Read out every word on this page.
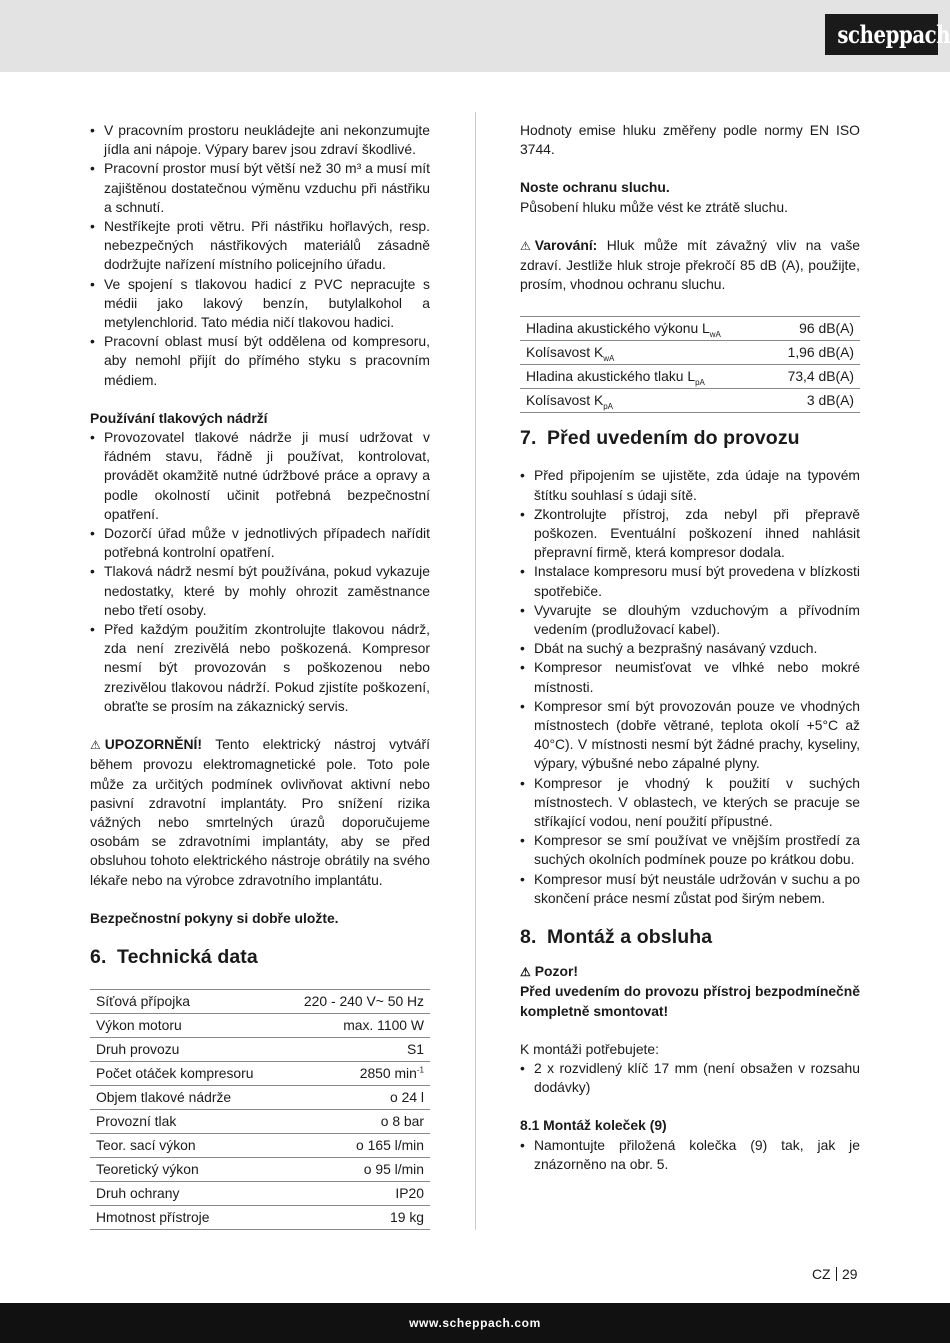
scheppach
• V pracovním prostoru neukládejte ani nekonzumujte jídla ani nápoje. Výpary barev jsou zdraví škodlivé.
• Pracovní prostor musí být větší než 30 m³ a musí mít zajištěnou dostatečnou výměnu vzduchu při nástřiku a schnutí.
• Nestříkejte proti větru. Při nástřiku hořlavých, resp. nebezpečných nástřikových materiálů zásadně dodržujte nařízení místního policejního úřadu.
• Ve spojení s tlakovou hadicí z PVC nepracujte s médii jako lakový benzín, butylalkohol a metylenchlorid. Tato média ničí tlakovou hadici.
• Pracovní oblast musí být oddělena od kompresoru, aby nemohl přijít do přímého styku s pracovním médiem.

Používání tlakových nádrží

• Provozovatel tlakové nádrže ji musí udržovat v řádném stavu, řádně ji používat, kontrolovat, provádět okamžitě nutné údržbové práce a opravy a podle okolností učinit potřebná bezpečnostní opatření.
• Dozorčí úřad může v jednotlivých případech nařídit potřebná kontrolní opatření.
• Tlaková nádrž nesmí být používána, pokud vykazuje nedostatky, které by mohly ohrozit zaměstnance nebo třetí osoby.
• Před každým použitím zkontrolujte tlakovou nádrž, zda není zrezivělá nebo poškozená. Kompresor nesmí být provozován s poškozenou nebo zrezivělou tlakovou nádrží. Pokud zjistíte poškození, obraťte se prosím na zákaznický servis.

⚠ UPOZORNĚNÍ! Tento elektrický nástroj vytváří během provozu elektromagnetické pole. Toto pole může za určitých podmínek ovlivňovat aktivní nebo pasivní zdravotní implantáty. Pro snížení rizika vážných nebo smrtelných úrazů doporučujeme osobám se zdravotními implantáty, aby se před obsluhou tohoto elektrického nástroje obrátily na svého lékaře nebo na výrobce zdravotního implantátu.

Bezpečnostní pokyny si dobře uložte.

6. Technická data
Síťová přípojka	220 - 240 V~ 50 Hz
Výkon motoru	max. 1100 W
Druh provozu	S1
Počet otáček kompresoru	2850 $\min^{-1}$
Objem tlakové nádrže	o 24 l
Provozní tlak	o 8 bar
Teor. sací výkon	o 165 l/min
Teoretický výkon	o 95 l/min
Druh ochrany	IP20
Hmotnost přístroje	19 kg

Hodnoty emise hluku změřeny podle normy EN ISO 3744.

Noste ochranu sluchu.

Působení hluku může vést ke ztrátě sluchu.

⚠ Varování: Hluk může mít závažný vliv na vaše zdraví. Jestliže hluk stroje překročí 85 dB (A), použijte, prosím, vhodnou ochranu sluchu.

Hladina akustického výkonu $L_{wA}$	96 dB(A)
Kolísavost $K_{wA}$	1,96 dB(A)
Hladina akustického tlaku $L_{pA}$	73,4 dB(A)
Kolísavost $K_{pA}$	3 dB(A)
7. Před uvedením do provozu
• Před připojením se ujistěte, zda údaje na typovém štítku souhlasí s údaji sítě.
• Zkontrolujte přístroj, zda nebyl při přepravě poškozen. Eventuální poškození ihned nahlásit přepravní firmě, která kompresor dodala.
• Instalace kompresoru musí být provedena v blízkosti spotřebiče.
• Vyvarujte se dlouhým vzduchovým a přívodním vedením (prodlužovací kabel).
• Dbát na suchý a bezprašný nasávaný vzduch.
• Kompresor neumisťovat ve vlhké nebo mokré místnosti.
• Kompresor smí být provozován pouze ve vhodných místnostech (dobře větrané, teplota okolí +5°C až 40°C). V místnosti nesmí být žádné prachy, kyseliny, výpary, výbušné nebo zápalné plyny.
• Kompresor je vhodný k použití v suchých místnostech. V oblastech, ve kterých se pracuje se stříkající vodou, není použití přípustné.
• Kompresor se smí používat ve vnějším prostředí za suchých okolních podmínek pouze po krátkou dobu.
• Kompresor musí být neustále udržován v suchu a po skončení práce nesmí zůstat pod širým nebem.
8. Montáž a obsluha

⚠ Pozor!

Před uvedením do provozu přístroj bezpodmínečně kompletně smontovat!

K montáži potřebujete:

• 2 x rozvidlený klíč 17 mm (není obsažen v rozsahu dodávky)

8.1 Montáž koleček (9)

• Namontujte přiložená kolečka (9) tak, jak je znázorněno na obr. 5.
CZ 29
www.scheppach.com
